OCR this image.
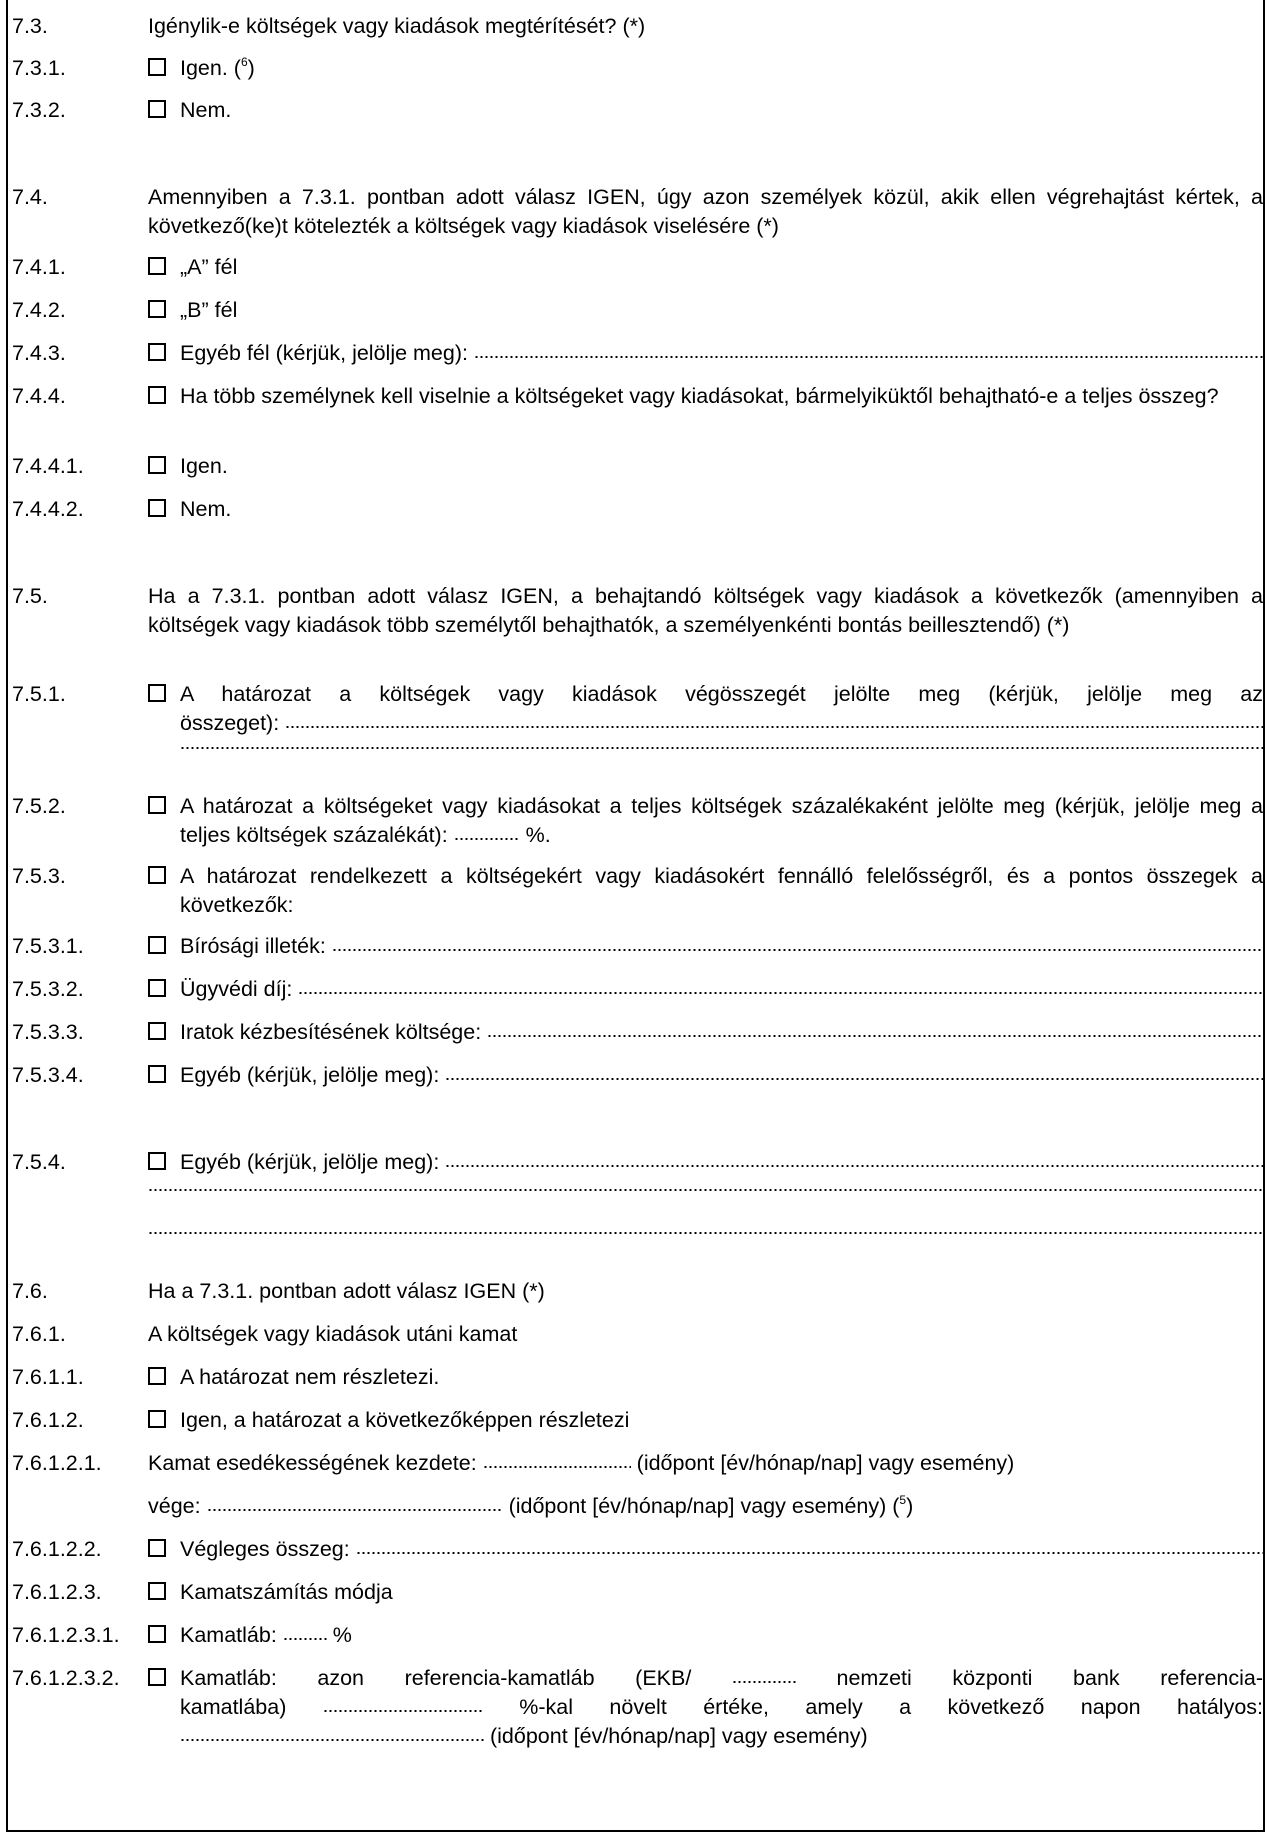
7.3.	Igénylik-e költségek vagy kiadások megtérítését? (*)
7.3.1.	Igen. ($^6$)
7.3.2.	Nem.
7.4.	Amennyiben a 7.3.1. pontban adott válasz IGEN, úgy azon személyek közül, akik ellen végrehajtást kértek, a következő(ke)t kötelezték a költségek vagy kiadások viselésére (*)
7.4.1.	„A” fél
7.4.2.	„B” fél
7.4.3.	Egyéb fél (kérjük, jelölje meg):
7.4.4.	Ha több személynek kell viselnie a költségeket vagy kiadásokat, bármelyiküktől behajtható-e a teljes összeg?
7.4.4.1.	Igen.
7.4.4.2.	Nem.
7.5.	Ha a 7.3.1. pontban adott válasz IGEN, a behajtandó költségek vagy kiadások a következők (amennyiben a költségek vagy kiadások több személytől behajthatók, a személyenkénti bontás beillesztendő) (*)
7.5.1.	A határozat a költségek vagy kiadások végösszegét jelölte meg (kérjük, jelölje meg az
összeget):
7.5.2.	A határozat a költségeket vagy kiadásokat a teljes költségek százalékaként jelölte meg (kérjük, jelölje meg a teljes költségek százalékát):	%.
7.5.3.	A határozat rendelkezett a költségekért vagy kiadásokért fennálló felelősségről, és a pontos összegek a következők:
7.5.3.1.	Bírósági illeték:
7.5.3.2.	Ügyvédi díj:
7.5.3.3.	Iratok kézbesítésének költsége:
7.5.3.4.	Egyéb (kérjük, jelölje meg):
7.5.4.	Egyéb (kérjük, jelölje meg):
7.6.	Ha a 7.3.1. pontban adott válasz IGEN (*)
7.6.1.	A költségek vagy kiadások utáni kamat
7.6.1.1.	A határozat nem részletezi.
7.6.1.2.	Igen, a határozat a következőképpen részletezi
7.6.1.2.1. Kamat esedékességének kezdete:	(időpont [év/hónap/nap] vagy esemény)
vége:	(időpont [év/hónap/nap] vagy esemény) ($^5$)
7.6.1.2.2.	Végleges összeg:
7.6.1.2.3.	Kamatszámítás módja
7.6.1.2.3.1.	Kamatláb:	%
7.6.1.2.3.2.	Kamatláb: azon referencia-kamatláb (EKB/	nemzeti központi bank referencia-
kamatlába)	%-kal növelt értéke, amely a következő napon hatályos:
(időpont [év/hónap/nap] vagy esemény)
